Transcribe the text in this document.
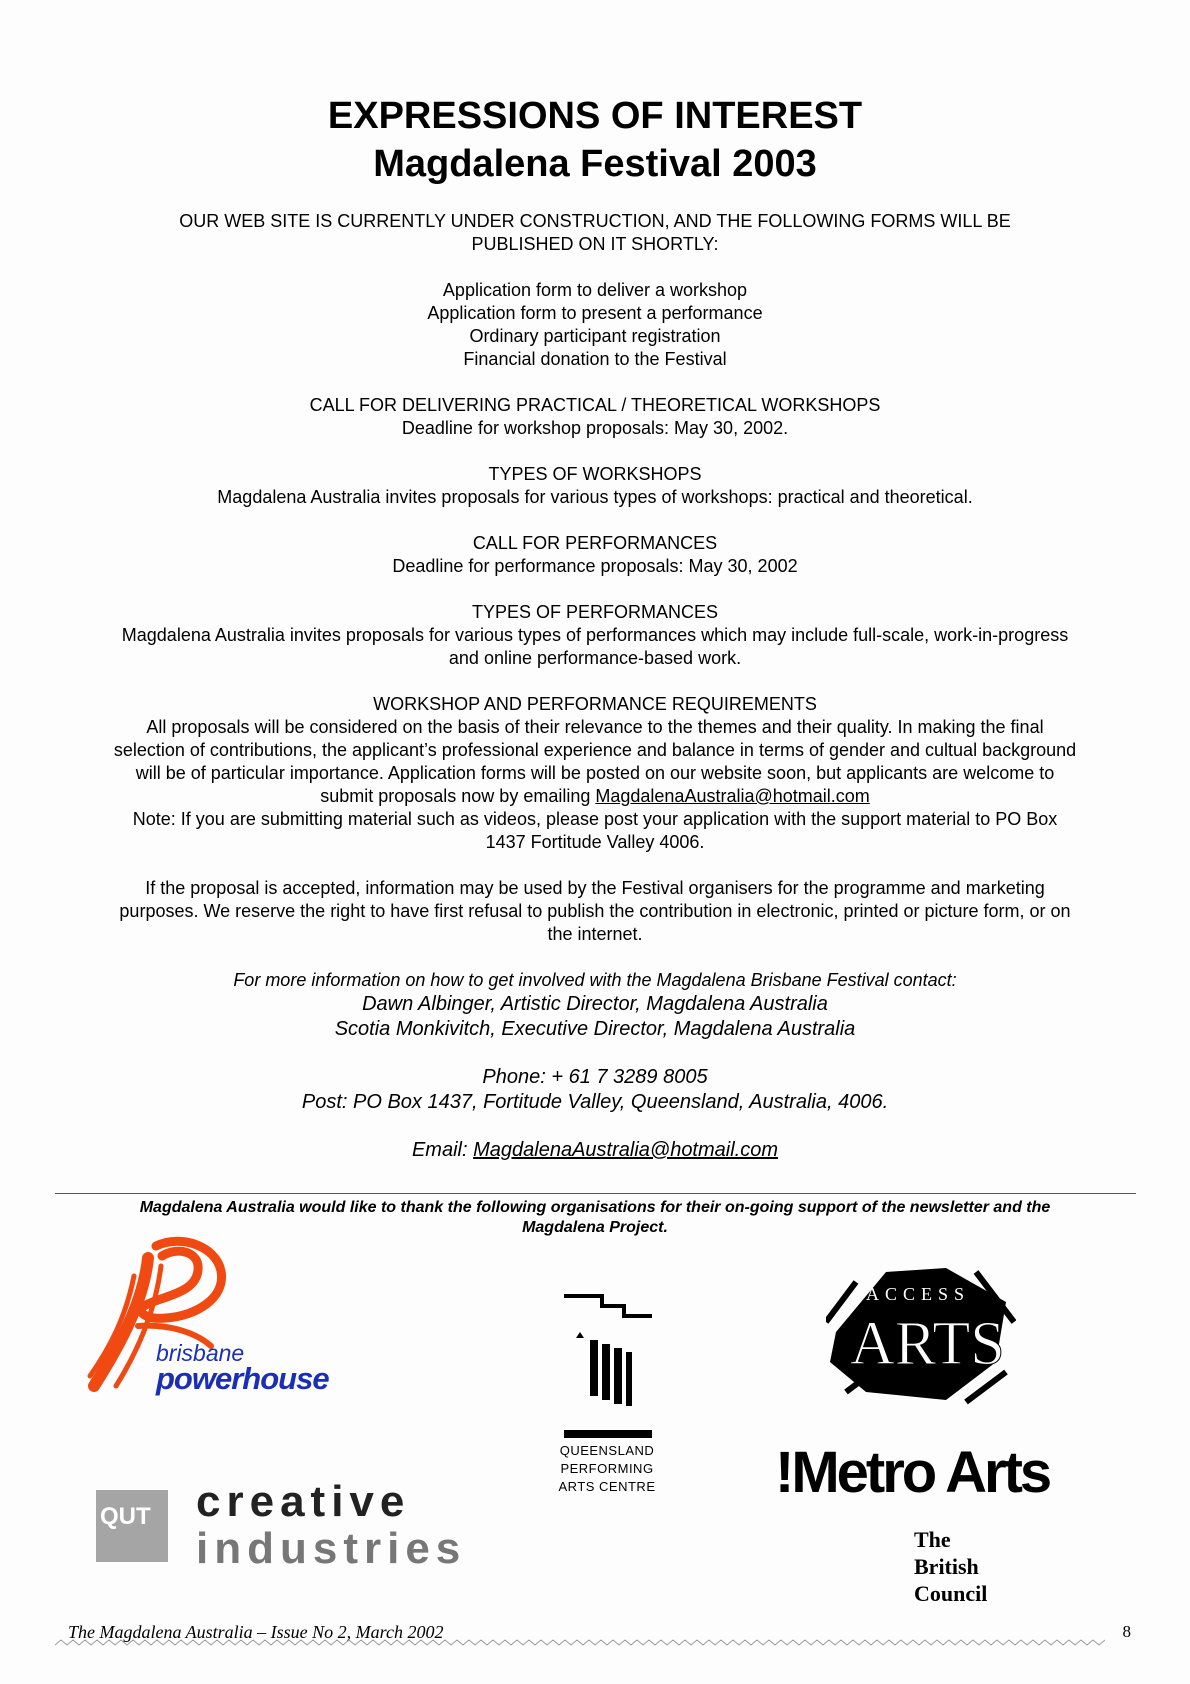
EXPRESSIONS OF INTEREST
Magdalena Festival 2003

OUR WEB SITE IS CURRENTLY UNDER CONSTRUCTION, AND THE FOLLOWING FORMS WILL BE

PUBLISHED ON IT SHORTLY:

Application form to deliver a workshop

Application form to present a performance

Ordinary participant registration

Financial donation to the Festival

CALL FOR DELIVERING PRACTICAL / THEORETICAL WORKSHOPS

Deadline for workshop proposals: May 30, 2002.

TYPES OF WORKSHOPS

Magdalena Australia invites proposals for various types of workshops: practical and theoretical.

CALL FOR PERFORMANCES

Deadline for performance proposals: May 30, 2002

TYPES OF PERFORMANCES

Magdalena Australia invites proposals for various types of performances which may include full-scale, work-in-progress

and online performance-based work.

WORKSHOP AND PERFORMANCE REQUIREMENTS

All proposals will be considered on the basis of their relevance to the themes and their quality. In making the final

selection of contributions, the applicant’s professional experience and balance in terms of gender and cultual background

will be of particular importance. Application forms will be posted on our website soon, but applicants are welcome to

submit proposals now by emailing MagdalenaAustralia@hotmail.com

Note: If you are submitting material such as videos, please post your application with the support material to PO Box

1437 Fortitude Valley 4006.

If the proposal is accepted, information may be used by the Festival organisers for the programme and marketing

purposes. We reserve the right to have first refusal to publish the contribution in electronic, printed or picture form, or on

the internet.

For more information on how to get involved with the Magdalena Brisbane Festival contact:

Dawn Albinger, Artistic Director, Magdalena Australia

Scotia Monkivitch, Executive Director, Magdalena Australia

Phone: + 61 7 3289 8005

Post: PO Box 1437, Fortitude Valley, Queensland, Australia, 4006.

Email: MagdalenaAustralia@hotmail.com

Magdalena Australia would like to thank the following organisations for their on-going support of the newsletter and the
Magdalena Project.
brisbane
powerhouse
QUEENSLAND
PERFORMING
ARTS CENTRE
ACCESS
ARTS
!Metro Arts
QUT creative
industries	The
British
Council
The Magdalena Australia – Issue No 2, March 2002	8
